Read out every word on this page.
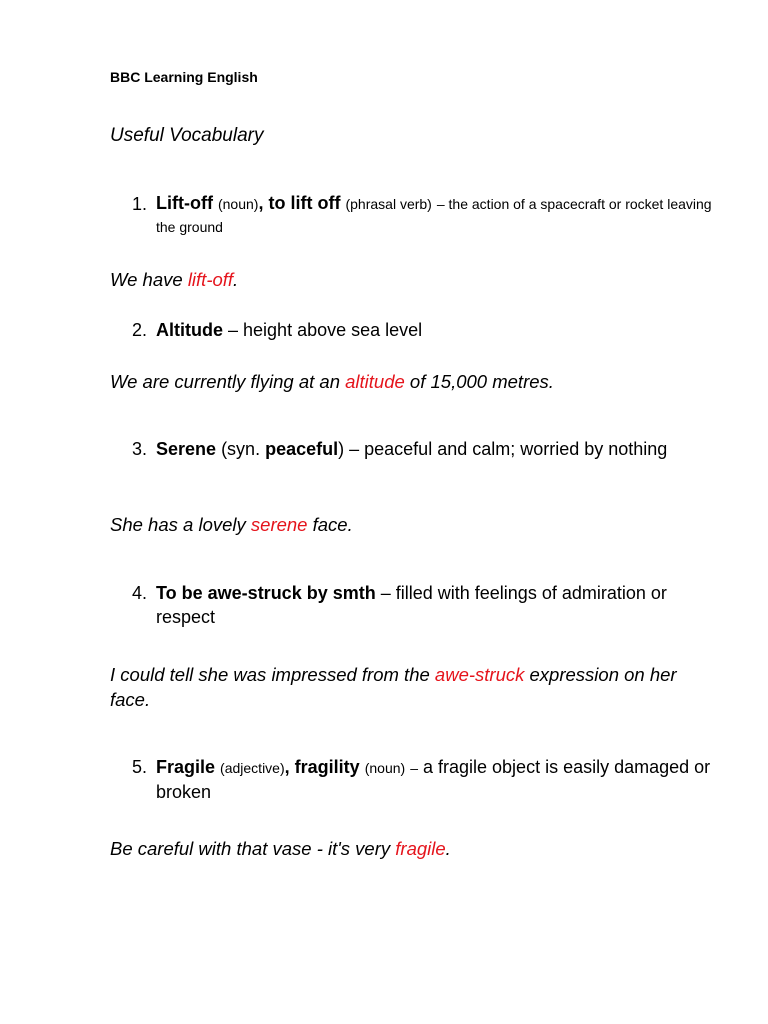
BBC Learning English
Useful Vocabulary
1. Lift-off (noun), to lift off (phrasal verb) – the action of a spacecraft or rocket leaving the ground
We have lift-off.
2. Altitude – height above sea level
We are currently flying at an altitude of 15,000 metres.
3. Serene (syn. peaceful) – peaceful and calm; worried by nothing
She has a lovely serene face.
4. To be awe-struck by smth – filled with feelings of admiration or respect
I could tell she was impressed from the awe-struck expression on her face.
5. Fragile (adjective), fragility (noun) – a fragile object is easily damaged or broken
Be careful with that vase - it's very fragile.
